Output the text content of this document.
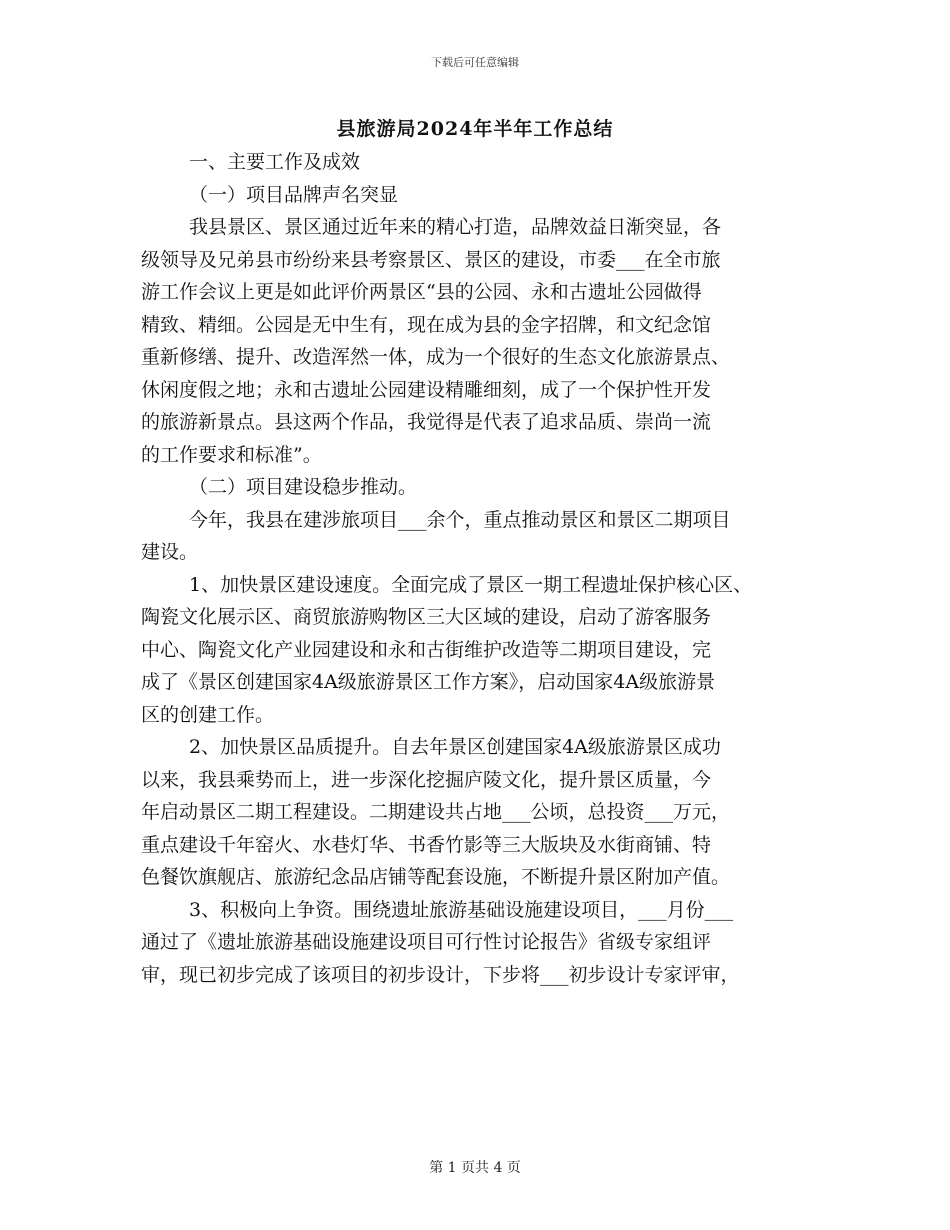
下载后可任意编辑
县旅游局2024年半年工作总结
一、主要工作及成效
（一）项目品牌声名突显
我县景区、景区通过近年来的精心打造，品牌效益日渐突显，各
级领导及兄弟县市纷纷来县考察景区、景区的建设，市委___在全市旅
游工作会议上更是如此评价两景区“县的公园、永和古遗址公园做得
精致、精细。公园是无中生有，现在成为县的金字招牌，和文纪念馆
重新修缮、提升、改造浑然一体，成为一个很好的生态文化旅游景点、
休闲度假之地；永和古遗址公园建设精雕细刻，成了一个保护性开发
的旅游新景点。县这两个作品，我觉得是代表了追求品质、崇尚一流
的工作要求和标准”。
（二）项目建设稳步推动。
今年，我县在建涉旅项目___余个，重点推动景区和景区二期项目
建设。
1、加快景区建设速度。全面完成了景区一期工程遗址保护核心区、
陶瓷文化展示区、商贸旅游购物区三大区域的建设，启动了游客服务
中心、陶瓷文化产业园建设和永和古街维护改造等二期项目建设，完
成了《景区创建国家4A级旅游景区工作方案》，启动国家4A级旅游景
区的创建工作。
2、加快景区品质提升。自去年景区创建国家4A级旅游景区成功
以来，我县乘势而上，进一步深化挖掘庐陵文化，提升景区质量，今
年启动景区二期工程建设。二期建设共占地___公顷，总投资___万元，
重点建设千年窑火、水巷灯华、书香竹影等三大版块及水街商铺、特
色餐饮旗舰店、旅游纪念品店铺等配套设施，不断提升景区附加产值。
3、积极向上争资。围绕遗址旅游基础设施建设项目，___月份___
通过了《遗址旅游基础设施建设项目可行性讨论报告》省级专家组评
审，现已初步完成了该项目的初步设计，下步将___初步设计专家评审，
第 1 页共 4 页
